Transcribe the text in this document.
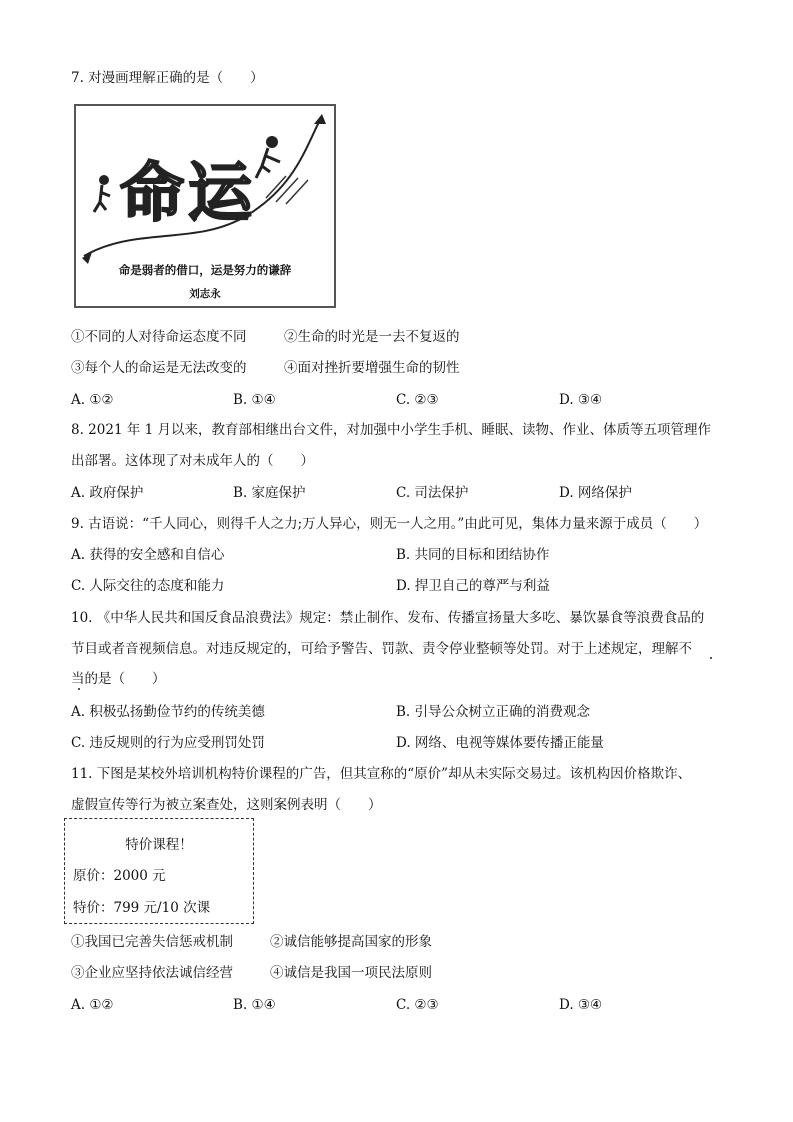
7. 对漫画理解正确的是（　　）
命 运
命是弱者的借口，运是努力的谦辞
刘志永
①不同的人对待命运态度不同	②生命的时光是一去不复返的
③每个人的命运是无法改变的	④面对挫折要增强生命的韧性
A. ①②	B. ①④	C. ②③	D. ③④
8. 2021 年 1 月以来，教育部相继出台文件，对加强中小学生手机、睡眠、读物、作业、体质等五项管理作
出部署。这体现了对未成年人的（　　）
A. 政府保护	B. 家庭保护	C. 司法保护	D. 网络保护
9. 古语说：“千人同心，则得千人之力;万人异心，则无一人之用。”由此可见，集体力量来源于成员（　　）
A. 获得的安全感和自信心	B. 共同的目标和团结协作
C. 人际交往的态度和能力	D. 捍卫自己的尊严与利益
10. 《中华人民共和国反食品浪费法》规定：禁止制作、发布、传播宣扬量大多吃、暴饮暴食等浪费食品的
节目或者音视频信息。对违反规定的，可给予警告、罚款、责令停业整顿等处罚。对于上述规定，理解不
当的是（　　）
A. 积极弘扬勤俭节约的传统美德	B. 引导公众树立正确的消费观念
C. 违反规则的行为应受刑罚处罚	D. 网络、电视等媒体要传播正能量
11. 下图是某校外培训机构特价课程的广告，但其宣称的“原价”却从未实际交易过。该机构因价格欺诈、
虚假宣传等行为被立案查处，这则案例表明（　　）
特价课程！
原价：2000 元
特价：799 元/10 次课
①我国已完善失信惩戒机制	②诚信能够提高国家的形象
③企业应坚持依法诚信经营	④诚信是我国一项民法原则
A. ①②	B. ①④	C. ②③	D. ③④
